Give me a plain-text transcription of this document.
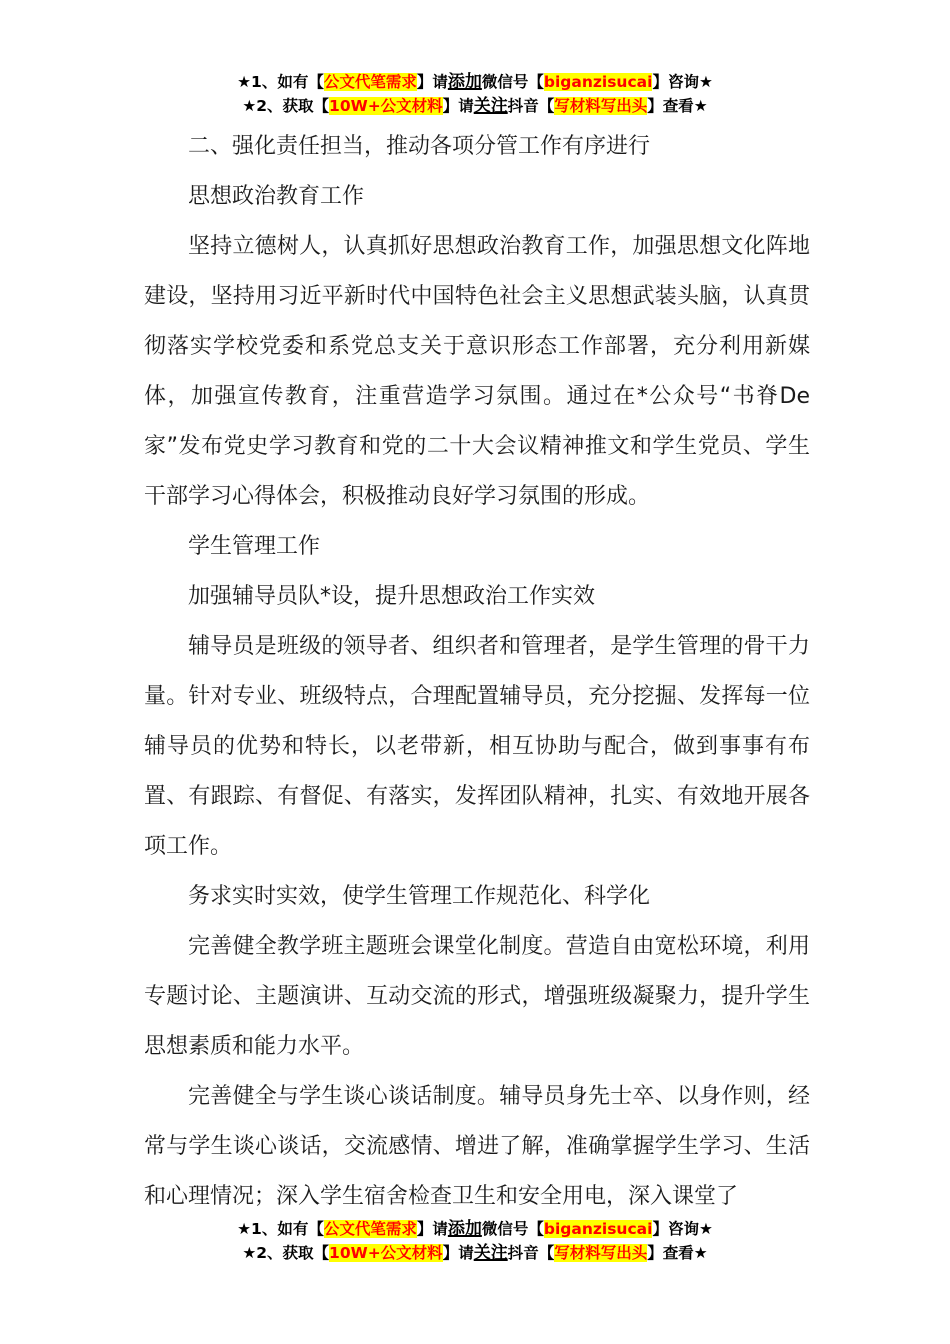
★1、如有【公文代笔需求】请添加微信号【biganzisucai】咨询★
★2、获取【10W+公文材料】请关注抖音【写材料写出头】查看★

二、强化责任担当，推动各项分管工作有序进行

思想政治教育工作

坚持立德树人，认真抓好思想政治教育工作，加强思想文化阵地建设，坚持用习近平新时代中国特色社会主义思想武装头脑，认真贯彻落实学校党委和系党总支关于意识形态工作部署，充分利用新媒体，加强宣传教育，注重营造学习氛围。通过在*公众号“书脊De家”发布党史学习教育和党的二十大会议精神推文和学生党员、学生干部学习心得体会，积极推动良好学习氛围的形成。

学生管理工作

加强辅导员队*设，提升思想政治工作实效

辅导员是班级的领导者、组织者和管理者，是学生管理的骨干力量。针对专业、班级特点，合理配置辅导员，充分挖掘、发挥每一位辅导员的优势和特长，以老带新，相互协助与配合，做到事事有布置、有跟踪、有督促、有落实，发挥团队精神，扎实、有效地开展各项工作。

务求实时实效，使学生管理工作规范化、科学化

完善健全教学班主题班会课堂化制度。营造自由宽松环境，利用专题讨论、主题演讲、互动交流的形式，增强班级凝聚力，提升学生思想素质和能力水平。

完善健全与学生谈心谈话制度。辅导员身先士卒、以身作则，经常与学生谈心谈话，交流感情、增进了解，准确掌握学生学习、生活和心理情况；深入学生宿舍检查卫生和安全用电，深入课堂了

★1、如有【公文代笔需求】请添加微信号【biganzisucai】咨询★
★2、获取【10W+公文材料】请关注抖音【写材料写出头】查看★
